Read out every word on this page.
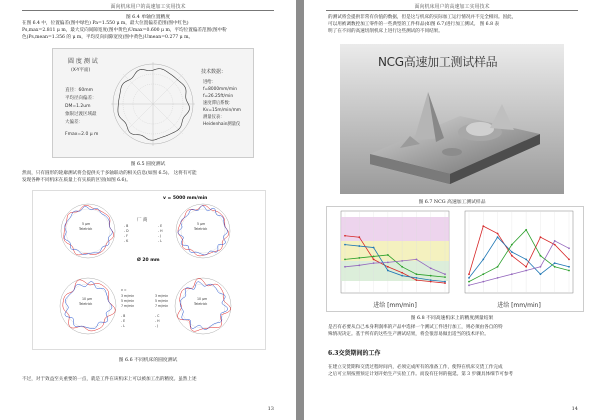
面向机床用户的高速加工实用技术
图 6.4 单轴位置精度

在图 6.4 中，位置偏差(图中绿色) Pa=1.550 μ m，最大位置偏差范围(图中红色)

Ps,max=2.811 μ m，最大反向间隙宽度(图中黄色)Umax=0.600 μ m，平均位置偏差范围(图中粉

色)Ps,mean=1.356 的 μ m，平均反向间隙宽度(图中黄色)Umean=0.277 μ m。

圆 度 测 试
(X-Y平面)
直径：60mm
平均径向偏差：
DM=1.2um
象限过渡区域最
大偏差：
Fmax=2.0 μ m
技术数据：
进给：
f=8000mm/min
f=26.25ft/min
速度滞后系数：
Kv=15m/min/mm
测量仪表：
Heidenhain测量仪
图 6.5 圆度测试

然而，只有圆形的轮廓测试将会提供关于多轴联动的相关信息(如图 6.5)。 这将有可能

发现各种不同机床在质量上有实质的区别(如图 6.6)。

v = 5000 mm/min
厂 商
Ø 20 mm
5 μm
Teletrick
- B
- D
- F
- K
5 μm
Teletrick
- E
- H
- J
- L
10 μm
Teletrick
v =
3 m/min
5 m/min
7 m/min
- B
- E
- L
10 μm
Teletrick
3 m/min
5 m/min
7 m/min
- C
- H
- J
图 6.6 不同机床的圆度测试

不过，对于效益至关重要的一点，就是工件在该机床上可以被加工出的精度。虽然上述

13
面向机床用户的高速加工实用技术

的测试将会提供非常有价值的数据，但是这与机床的实际加工运行情况并不完全相同。因此，

可以用被调数控加工零件的一些典型的工件样品(如图 6.7)进行加工测试。 图 6.8 表

明了在不同的高速切削机床上进行这些测试的不同结果。

NCG高速加工测试样品
图 6.7 NCG 高速加工测试样品
进给 [mm/min]	进给 [mm/min]
图 6.8 不同高速机床上的精度测量结果

是否有必要从自己本身利润率的产品中选择一个测试工件进行加工，则必须由各自的特

殊情况决定。基于所有的这些生产测试结果，将会很容易做出适当的技术评价。

6.3交货期间的工作

在建立交货期和交货过程时间内，必须完成所有的准备工作，使得在机床交货工作完成

之后可立刻按照预定计划开始生产实验工作。而没有任何的拖延。第 3 步骤具体细节可参考

14
